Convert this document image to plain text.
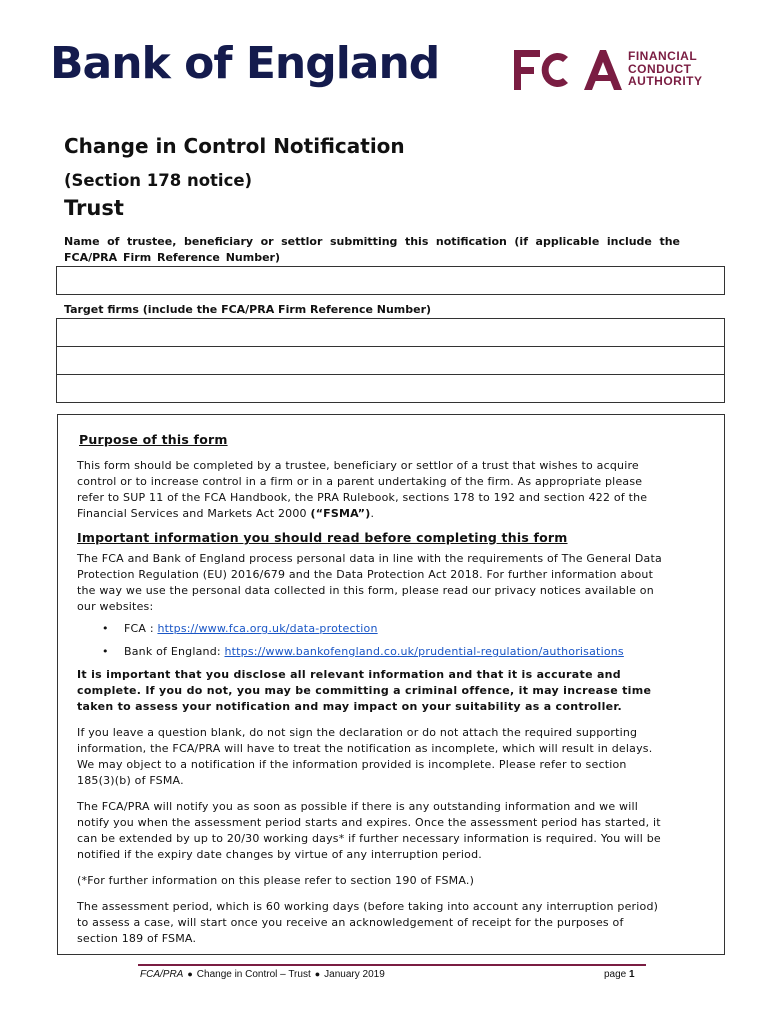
Bank of England	FINANCIAL
CONDUCT
AUTHORITY
Change in Control Notification
(Section 178 notice)
Trust
Name of trustee, beneficiary or settlor submitting this notification (if applicable include the FCA/PRA Firm Reference Number)
Target firms (include the FCA/PRA Firm Reference Number)

Purpose of this form

This form should be completed by a trustee, beneficiary or settlor of a trust that wishes to acquire control or to increase control in a firm or in a parent undertaking of the firm. As appropriate please refer to SUP 11 of the FCA Handbook, the PRA Rulebook, sections 178 to 192 and section 422 of the Financial Services and Markets Act 2000 (“FSMA”).

Important information you should read before completing this form

The FCA and Bank of England process personal data in line with the requirements of The General Data Protection Regulation (EU) 2016/679 and the Data Protection Act 2018. For further information about the way we use the personal data collected in this form, please read our privacy notices available on our websites:

• FCA : https://www.fca.org.uk/data-protection
• Bank of England: https://www.bankofengland.co.uk/prudential-regulation/authorisations

It is important that you disclose all relevant information and that it is accurate and complete. If you do not, you may be committing a criminal offence, it may increase time taken to assess your notification and may impact on your suitability as a controller.

If you leave a question blank, do not sign the declaration or do not attach the required supporting information, the FCA/PRA will have to treat the notification as incomplete, which will result in delays. We may object to a notification if the information provided is incomplete. Please refer to section 185(3)(b) of FSMA.

The FCA/PRA will notify you as soon as possible if there is any outstanding information and we will notify you when the assessment period starts and expires. Once the assessment period has started, it can be extended by up to 20/30 working days* if further necessary information is required. You will be notified if the expiry date changes by virtue of any interruption period.

(*For further information on this please refer to section 190 of FSMA.)

The assessment period, which is 60 working days (before taking into account any interruption period) to assess a case, will start once you receive an acknowledgement of receipt for the purposes of section 189 of FSMA.

FCA/PRA ● Change in Control – Trust ● January 2019	page 1
